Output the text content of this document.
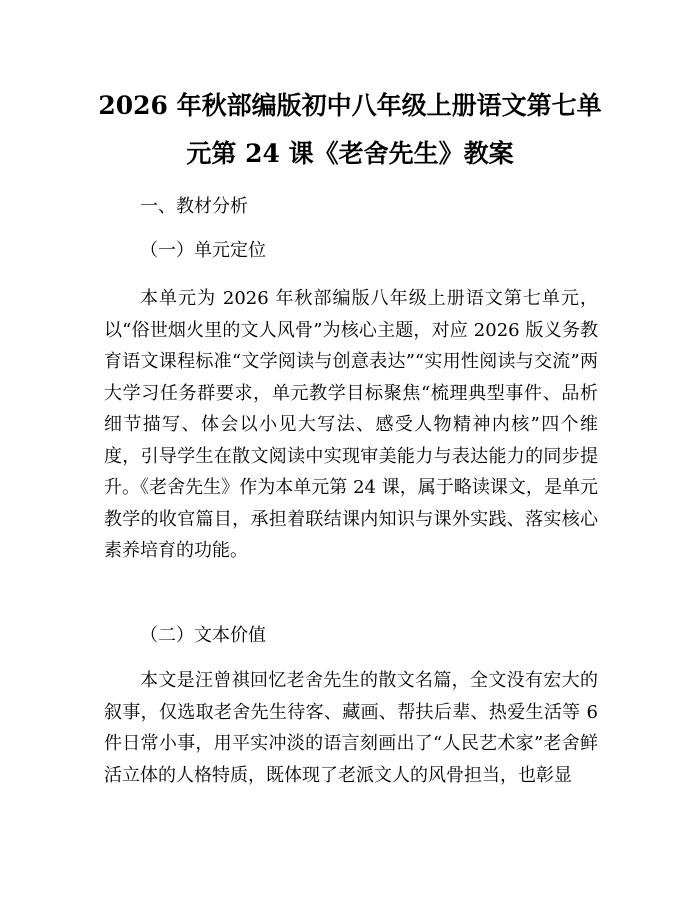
2026 年秋部编版初中八年级上册语文第七单
元第 24 课《老舍先生》教案
一、教材分析
（一）单元定位
本单元为 2026 年秋部编版八年级上册语文第七单元，以“俗世烟火里的文人风骨”为核心主题，对应 2026 版义务教育语文课程标准“文学阅读与创意表达”“实用性阅读与交流”两大学习任务群要求，单元教学目标聚焦“梳理典型事件、品析细节描写、体会以小见大写法、感受人物精神内核”四个维度，引导学生在散文阅读中实现审美能力与表达能力的同步提升。《老舍先生》作为本单元第 24 课，属于略读课文，是单元教学的收官篇目，承担着联结课内知识与课外实践、落实核心素养培育的功能。
（二）文本价值
本文是汪曾祺回忆老舍先生的散文名篇，全文没有宏大的叙事，仅选取老舍先生待客、藏画、帮扶后辈、热爱生活等 6 件日常小事，用平实冲淡的语言刻画出了“人民艺术家”老舍鲜活立体的人格特质，既体现了老派文人的风骨担当，也彰显
